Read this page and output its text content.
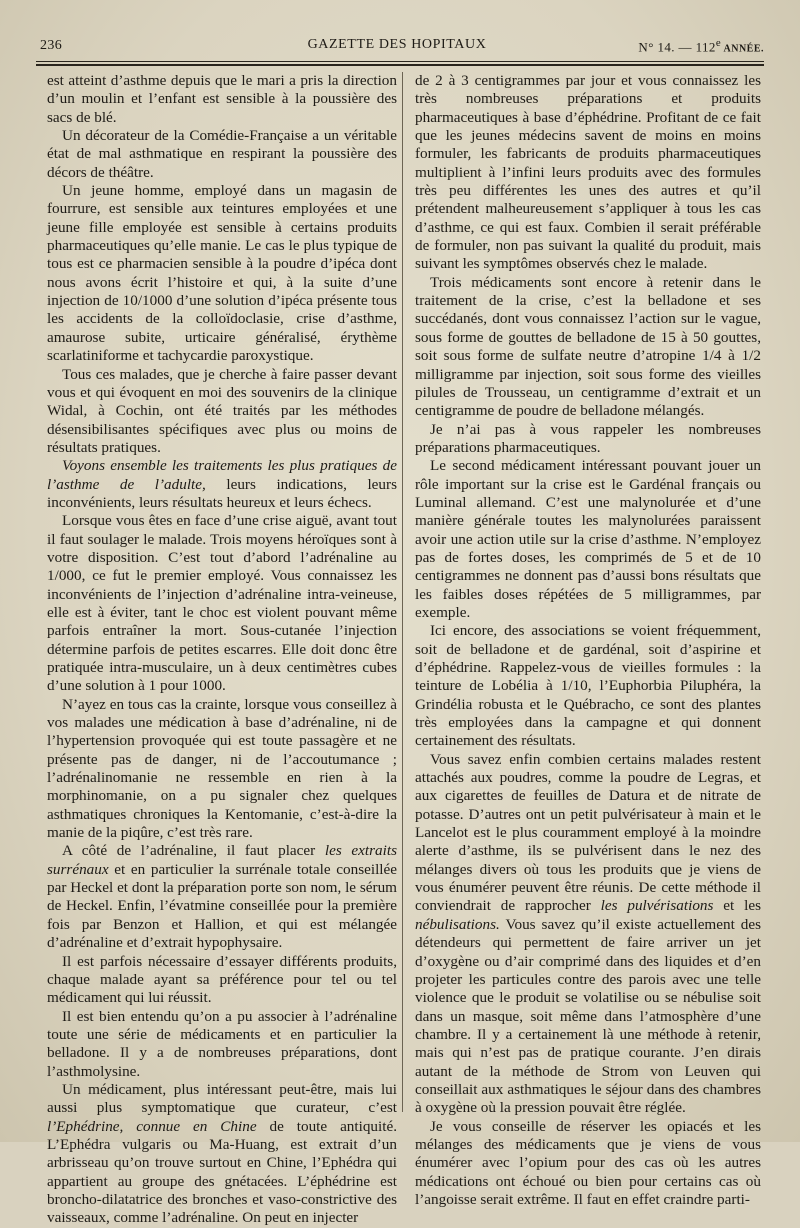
236	GAZETTE DES HOPITAUX	N° 14. — 112e ANNÉE.

est atteint d’asthme depuis que le mari a pris la direction d’un moulin et l’enfant est sensible à la poussière des sacs de blé.

Un décorateur de la Comédie-Française a un véritable état de mal asthmatique en respirant la poussière des décors de théâtre.

Un jeune homme, employé dans un magasin de fourrure, est sensible aux teintures employées et une jeune fille employée est sensible à certains produits pharmaceutiques qu’elle manie. Le cas le plus typique de tous est ce pharmacien sensible à la poudre d’ipéca dont nous avons écrit l’histoire et qui, à la suite d’une injection de 10/1000 d’une solution d’ipéca présente tous les accidents de la colloïdoclasie, crise d’asthme, amaurose subite, urticaire généralisé, érythème scarlatiniforme et tachycardie paroxystique.

Tous ces malades, que je cherche à faire passer devant vous et qui évoquent en moi des souvenirs de la clinique Widal, à Cochin, ont été traités par les méthodes désensibilisantes spécifiques avec plus ou moins de résultats pratiques.

Voyons ensemble les traitements les plus pratiques de l’asthme de l’adulte, leurs indications, leurs inconvénients, leurs résultats heureux et leurs échecs.

Lorsque vous êtes en face d’une crise aiguë, avant tout il faut soulager le malade. Trois moyens héroïques sont à votre disposition. C’est tout d’abord l’adrénaline au 1/000, ce fut le premier employé. Vous connaissez les inconvénients de l’injection d’adrénaline intra-veineuse, elle est à éviter, tant le choc est violent pouvant même parfois entraîner la mort. Sous-cutanée l’injection détermine parfois de petites escarres. Elle doit donc être pratiquée intra-musculaire, un à deux centimètres cubes d’une solution à 1 pour 1000.

N’ayez en tous cas la crainte, lorsque vous conseillez à vos malades une médication à base d’adrénaline, ni de l’hypertension provoquée qui est toute passagère et ne présente pas de danger, ni de l’accoutumance ; l’adrénalinomanie ne ressemble en rien à la morphinomanie, on a pu signaler chez quelques asthmatiques chroniques la Kentomanie, c’est-à-dire la manie de la piqûre, c’est très rare.

A côté de l’adrénaline, il faut placer les extraits surrénaux et en particulier la surrénale totale conseillée par Heckel et dont la préparation porte son nom, le sérum de Heckel. Enfin, l’évatmine conseillée pour la première fois par Benzon et Hallion, et qui est mélangée d’adrénaline et d’extrait hypophysaire.

Il est parfois nécessaire d’essayer différents produits, chaque malade ayant sa préférence pour tel ou tel médicament qui lui réussit.

Il est bien entendu qu’on a pu associer à l’adrénaline toute une série de médicaments et en particulier la belladone. Il y a de nombreuses préparations, dont l’asthmolysine.

Un médicament, plus intéressant peut-être, mais lui aussi plus symptomatique que curateur, c’est l’Ephédrine, connue en Chine de toute antiquité. L’Ephédra vulgaris ou Ma-Huang, est extrait d’un arbrisseau qu’on trouve surtout en Chine, l’Ephédra qui appartient au groupe des gnétacées. L’éphédrine est broncho-dilatatrice des bronches et vaso-constrictive des vaisseaux, comme l’adrénaline. On peut en injecter

de 2 à 3 centigrammes par jour et vous connaissez les très nombreuses préparations et produits pharmaceutiques à base d’éphédrine. Profitant de ce fait que les jeunes médecins savent de moins en moins formuler, les fabricants de produits pharmaceutiques multiplient à l’infini leurs produits avec des formules très peu différentes les unes des autres et qu’il prétendent malheureusement s’appliquer à tous les cas d’asthme, ce qui est faux. Combien il serait préférable de formuler, non pas suivant la qualité du produit, mais suivant les symptômes observés chez le malade.

Trois médicaments sont encore à retenir dans le traitement de la crise, c’est la belladone et ses succédanés, dont vous connaissez l’action sur le vague, sous forme de gouttes de belladone de 15 à 50 gouttes, soit sous forme de sulfate neutre d’atropine 1/4 à 1/2 milligramme par injection, soit sous forme des vieilles pilules de Trousseau, un centigramme d’extrait et un centigramme de poudre de belladone mélangés.

Je n’ai pas à vous rappeler les nombreuses préparations pharmaceutiques.

Le second médicament intéressant pouvant jouer un rôle important sur la crise est le Gardénal français ou Luminal allemand. C’est une malynolurée et d’une manière générale toutes les malynolurées paraissent avoir une action utile sur la crise d’asthme. N’employez pas de fortes doses, les comprimés de 5 et de 10 centigrammes ne donnent pas d’aussi bons résultats que les faibles doses répétées de 5 milligrammes, par exemple.

Ici encore, des associations se voient fréquemment, soit de belladone et de gardénal, soit d’aspirine et d’éphédrine. Rappelez-vous de vieilles formules : la teinture de Lobélia à 1/10, l’Euphorbia Piluphéra, la Grindélia robusta et le Québracho, ce sont des plantes très employées dans la campagne et qui donnent certainement des résultats.

Vous savez enfin combien certains malades restent attachés aux poudres, comme la poudre de Legras, et aux cigarettes de feuilles de Datura et de nitrate de potasse. D’autres ont un petit pulvérisateur à main et le Lancelot est le plus couramment employé à la moindre alerte d’asthme, ils se pulvérisent dans le nez des mélanges divers où tous les produits que je viens de vous énumérer peuvent être réunis. De cette méthode il conviendrait de rapprocher les pulvérisations et les nébulisations. Vous savez qu’il existe actuellement des détendeurs qui permettent de faire arriver un jet d’oxygène ou d’air comprimé dans des liquides et d’en projeter les particules contre des parois avec une telle violence que le produit se volatilise ou se nébulise soit dans un masque, soit même dans l’atmosphère d’une chambre. Il y a certainement là une méthode à retenir, mais qui n’est pas de pratique courante. J’en dirais autant de la méthode de Strom von Leuven qui conseillait aux asthmatiques le séjour dans des chambres à oxygène où la pression pouvait être réglée.

Je vous conseille de réserver les opiacés et les mélanges des médicaments que je viens de vous énumérer avec l’opium pour des cas où les autres médications ont échoué ou bien pour certains cas où l’angoisse serait extrême. Il faut en effet craindre parti-
